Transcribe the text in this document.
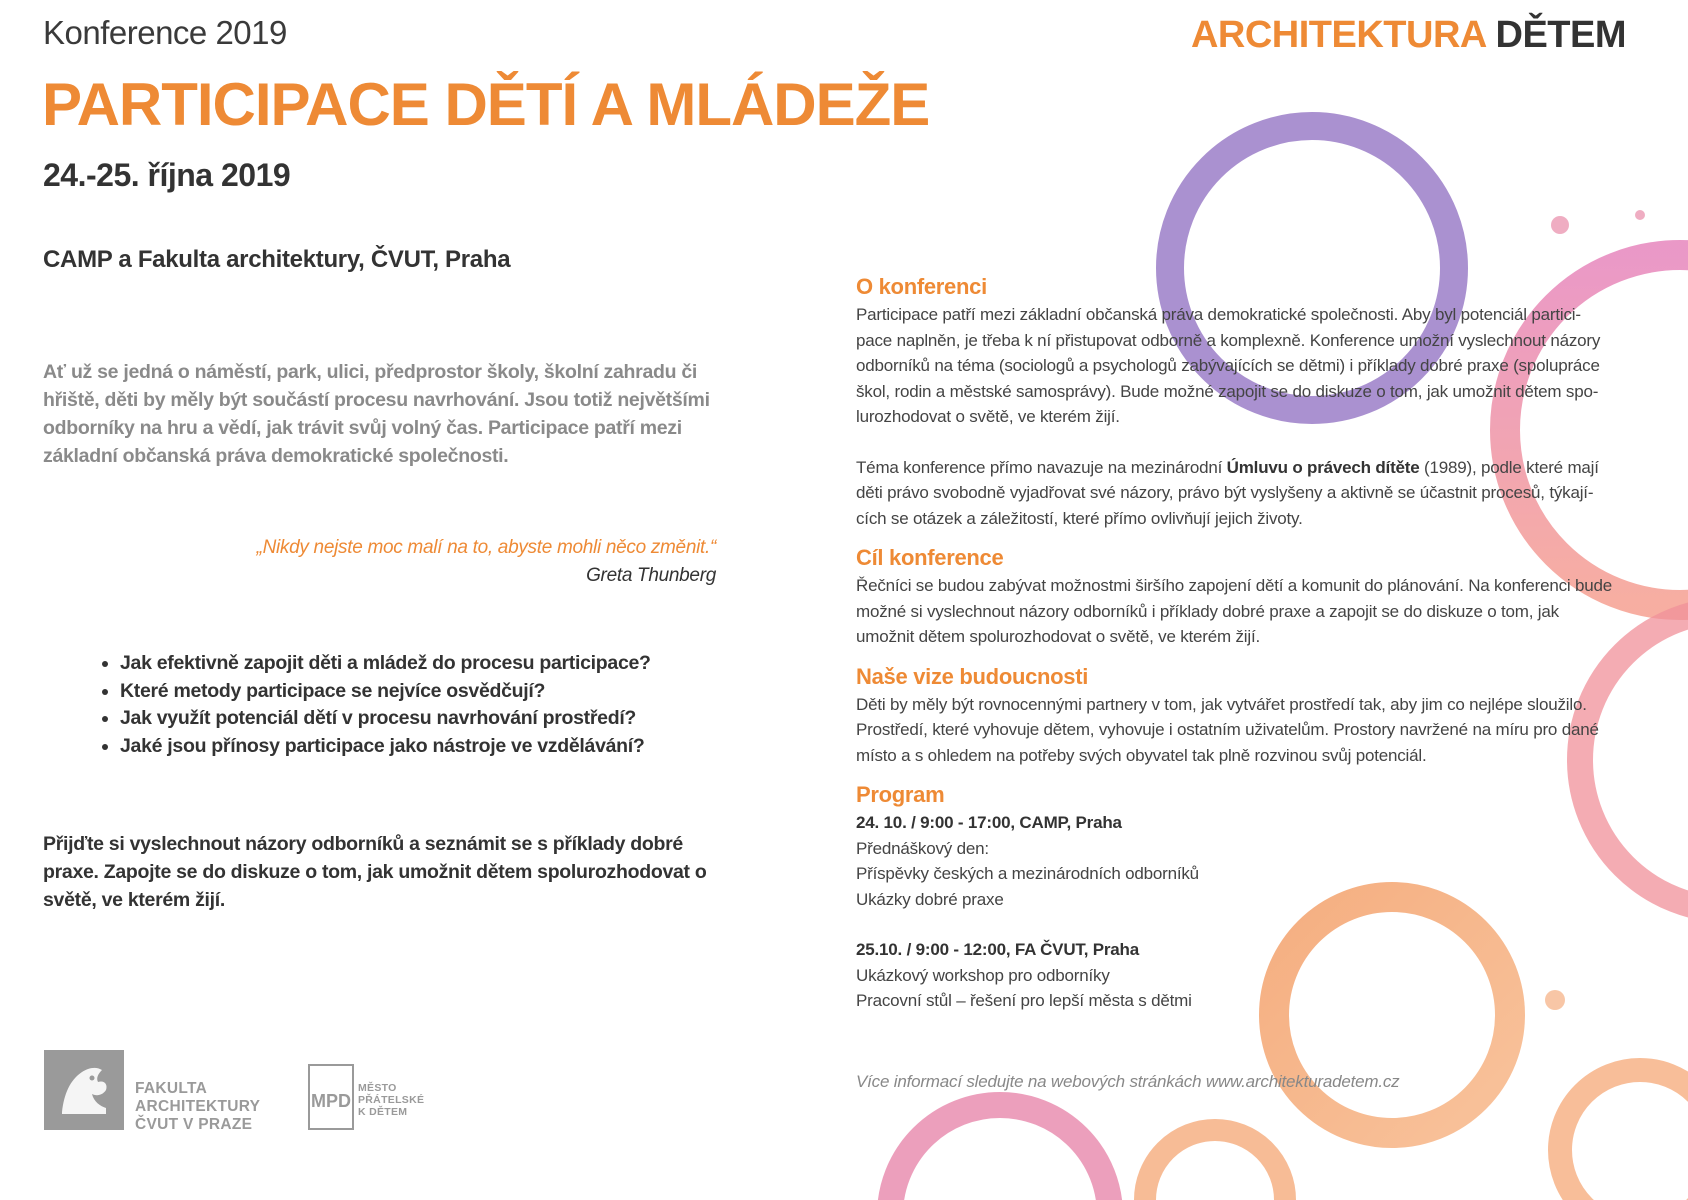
Konference 2019	ARCHITEKTURA DĚTEM
PARTICIPACE DĚTÍ A MLÁDEŽE
24.-25. října 2019
CAMP a Fakulta architektury, ČVUT, Praha
Ať už se jedná o náměstí, park, ulici, předprostor školy, školní zahradu či hřiště, děti by měly být součástí procesu navrhování. Jsou totiž největšími odborníky na hru a vědí, jak trávit svůj volný čas. Participace patří mezi základní občanská práva demokratické společnosti.
„Nikdy nejste moc malí na to, abyste mohli něco změnit.“
Greta Thunberg
• Jak efektivně zapojit děti a mládež do procesu participace?
• Které metody participace se nejvíce osvědčují?
• Jak využít potenciál dětí v procesu navrhování prostředí?
• Jaké jsou přínosy participace jako nástroje ve vzdělávání?
Přijďte si vyslechnout názory odborníků a seznámit se s příklady dobré praxe. Zapojte se do diskuze o tom, jak umožnit dětem spolurozhodovat o světě, ve kterém žijí.
O konferenci

Participace patří mezi základní občanská práva demokratické společnosti. Aby byl potenciál partici-pace naplněn, je třeba k ní přistupovat odborně a komplexně. Konference umožní vyslechnout názory odborníků na téma (sociologů a psychologů zabývajících se dětmi) i příklady dobré praxe (spolupráce škol, rodin a městské samosprávy). Bude možné zapojit se do diskuze o tom, jak umožnit dětem spo-lurozhodovat o světě, ve kterém žijí.

Téma konference přímo navazuje na mezinárodní Úmluvu o právech dítěte (1989), podle které mají děti právo svobodně vyjadřovat své názory, právo být vyslyšeny a aktivně se účastnit procesů, týkají-cích se otázek a záležitostí, které přímo ovlivňují jejich životy.

Cíl konference

Řečníci se budou zabývat možnostmi širšího zapojení dětí a komunit do plánování. Na konferenci bude možné si vyslechnout názory odborníků i příklady dobré praxe a zapojit se do diskuze o tom, jak umožnit dětem spolurozhodovat o světě, ve kterém žijí.

Naše vize budoucnosti

Děti by měly být rovnocennými partnery v tom, jak vytvářet prostředí tak, aby jim co nejlépe sloužilo. Prostředí, které vyhovuje dětem, vyhovuje i ostatním uživatelům. Prostory navržené na míru pro dané místo a s ohledem na potřeby svých obyvatel tak plně rozvinou svůj potenciál.

Program

24. 10. / 9:00 - 17:00, CAMP, Praha

Přednáškový den:

Příspěvky českých a mezinárodních odborníků

Ukázky dobré praxe

25.10. / 9:00 - 12:00, FA ČVUT, Praha

Ukázkový workshop pro odborníky

Pracovní stůl – řešení pro lepší města s dětmi

Více informací sledujte na webových stránkách www.architekturadetem.cz
FAKULTA
ARCHITEKTURY
ČVUT V PRAZE
MPD
MĚSTO
PŘÁTELSKÉ
K DĚTEM
